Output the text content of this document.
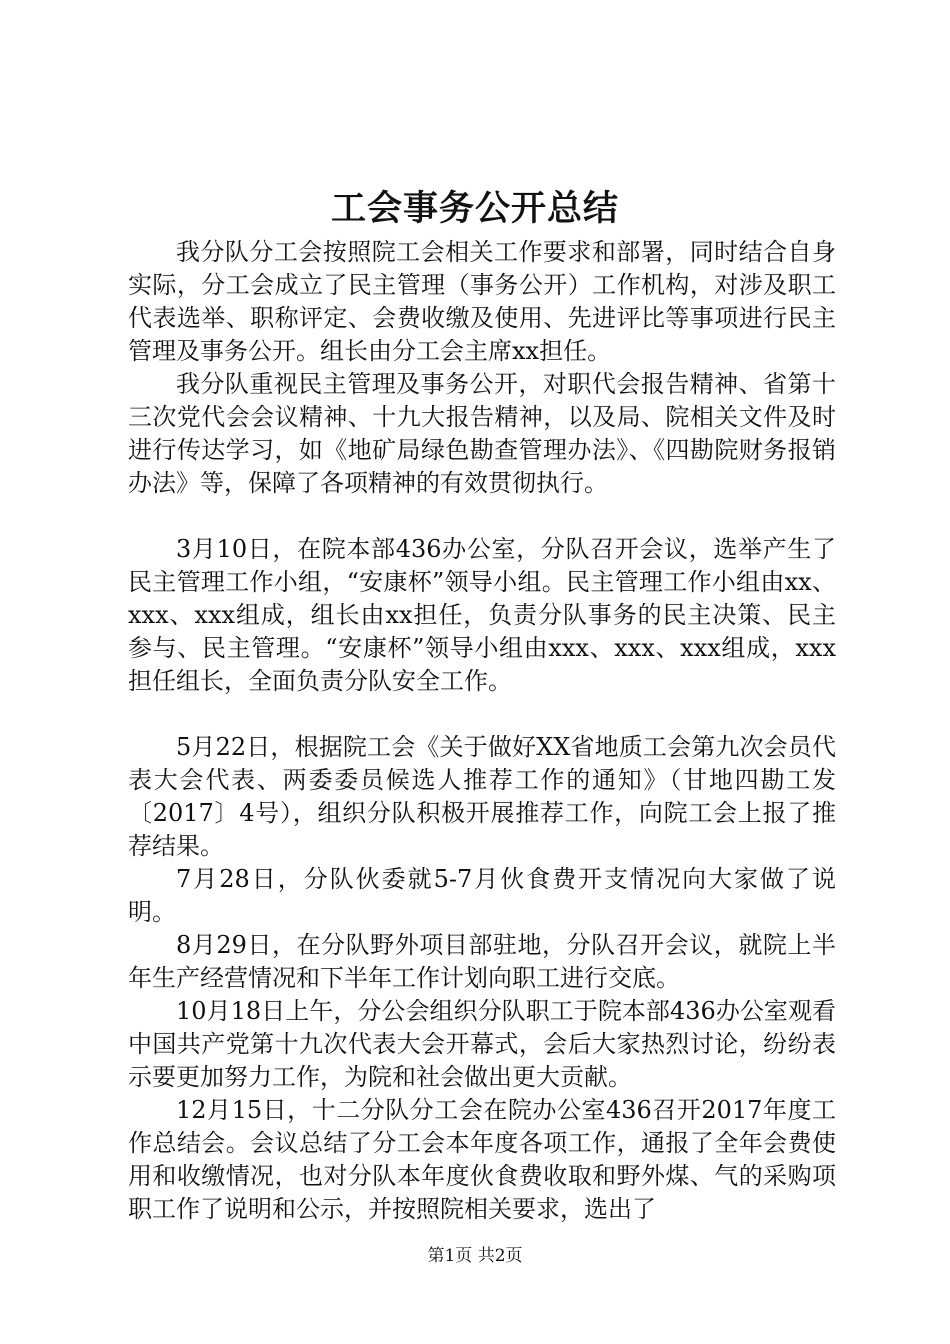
工会事务公开总结

我分队分工会按照院工会相关工作要求和部署，同时结合自身实际，分工会成立了民主管理（事务公开）工作机构，对涉及职工代表选举、职称评定、会费收缴及使用、先进评比等事项进行民主管理及事务公开。组长由分工会主席xx担任。

我分队重视民主管理及事务公开，对职代会报告精神、省第十三次党代会会议精神、十九大报告精神，以及局、院相关文件及时进行传达学习，如《地矿局绿色勘查管理办法》、《四勘院财务报销办法》等，保障了各项精神的有效贯彻执行。

3月10日，在院本部436办公室，分队召开会议，选举产生了民主管理工作小组，“安康杯”领导小组。民主管理工作小组由xx、xxx、xxx组成，组长由xx担任，负责分队事务的民主决策、民主参与、民主管理。“安康杯”领导小组由xxx、xxx、xxx组成，xxx担任组长，全面负责分队安全工作。

5月22日，根据院工会《关于做好XX省地质工会第九次会员代表大会代表、两委委员候选人推荐工作的通知》（甘地四勘工发〔2017〕4号），组织分队积极开展推荐工作，向院工会上报了推荐结果。

7月28日，分队伙委就5-7月伙食费开支情况向大家做了说明。

8月29日，在分队野外项目部驻地，分队召开会议，就院上半年生产经营情况和下半年工作计划向职工进行交底。

10月18日上午，分公会组织分队职工于院本部436办公室观看中国共产党第十九次代表大会开幕式，会后大家热烈讨论，纷纷表示要更加努力工作，为院和社会做出更大贡献。

12月15日，十二分队分工会在院办公室436召开2017年度工作总结会。会议总结了分工会本年度各项工作，通报了全年会费使用和收缴情况，也对分队本年度伙食费收取和野外煤、气的采购项职工作了说明和公示，并按照院相关要求，选出了

第1页 共2页
